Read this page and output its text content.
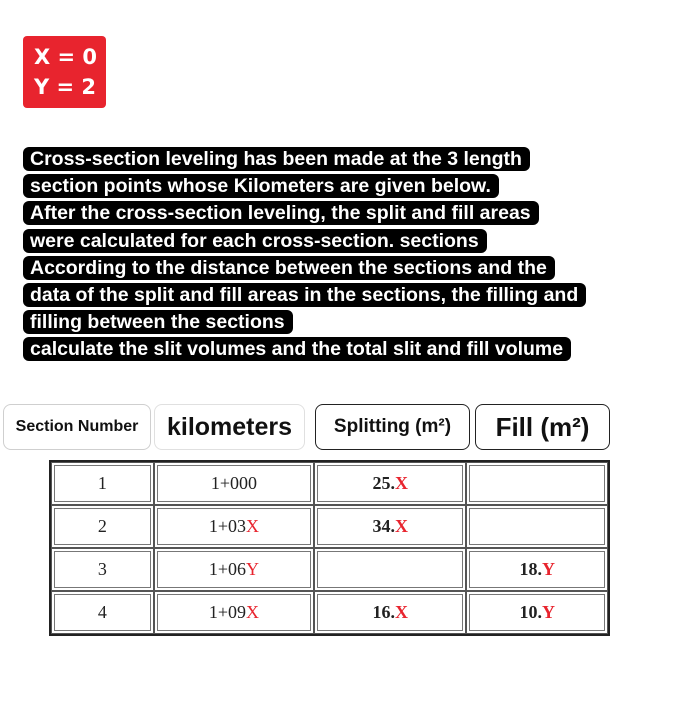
X = 0
Y = 2
Cross-section leveling has been made at the 3 length
section points whose Kilometers are given below.
After the cross-section leveling, the split and fill areas
were calculated for each cross-section. sections
According to the distance between the sections and the
data of the split and fill areas in the sections, the filling and
filling between the sections
calculate the slit volumes and the total slit and fill volume
Section Number	kilometers	Splitting (m²)	Fill (m²)
1	1+000	25.X	
2	1+03X	34.X	
3	1+06Y		18.Y
4	1+09X	16.X	10.Y
